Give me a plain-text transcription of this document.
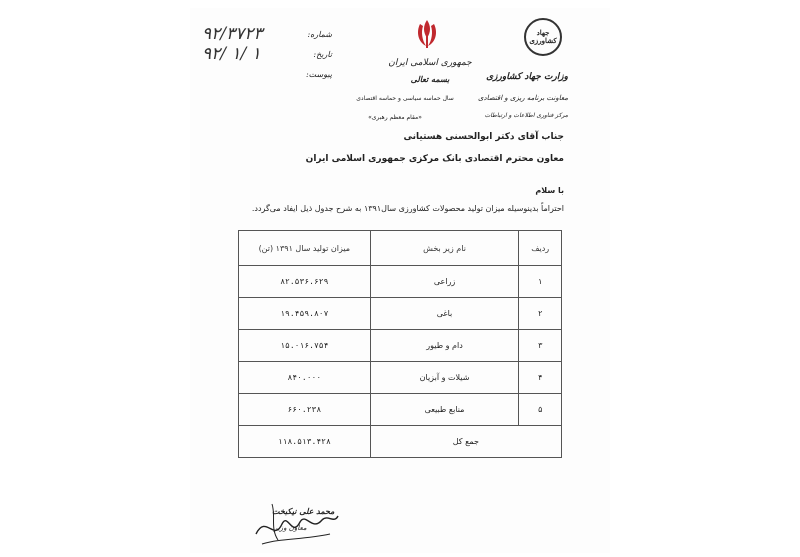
جهاد کشاورزی
وزارت جهاد کشاورزی
معاونت برنامه ریزی و اقتصادی
مرکز فناوری اطلاعات و ارتباطات
جمهوری اسلامی ایران
بسمه تعالی
سال حماسه سیاسی و حماسه اقتصادی
«مقام معظم رهبری»
شماره:
۹۲/۳۷۲۳
تاریخ:
۹۲/ ۱/ ۱
پیوست:
جناب آقای دکتر ابوالحسنی هستیانی
معاون محترم اقتصادی بانک مرکزی جمهوری اسلامی ایران
با سلام
احتراماً بدینوسیله میزان تولید محصولات کشاورزی سال۱۳۹۱ به شرح جدول ذیل ایفاد می‌گردد.
ردیف	نام زیر بخش	میزان تولید سال ۱۳۹۱ (تن)
۱	زراعی	۸۲.۵۳۶.۶۲۹
۲	باغی	۱۹.۴۵۹.۸۰۷
۳	دام و طیور	۱۵.۰۱۶.۷۵۴
۴	شیلات و آبزیان	۸۴۰.۰۰۰
۵	منابع طبیعی	۶۶۰.۲۳۸
جمع کل		۱۱۸.۵۱۳.۴۲۸
محمد علی نیکبخت
معاون وزیر
